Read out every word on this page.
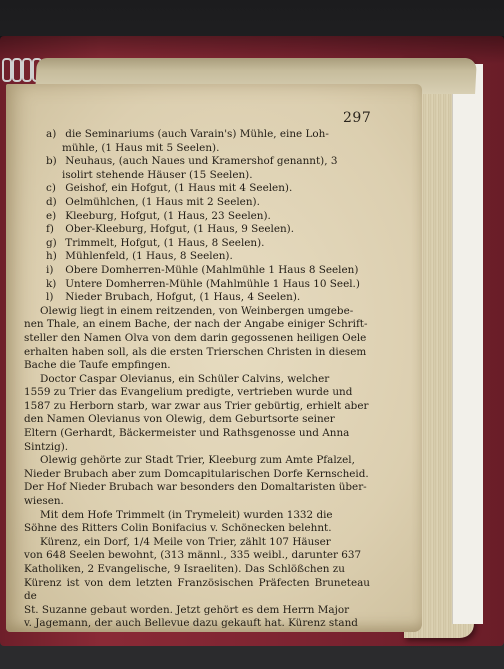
297
a) die Seminariums (auch Varain's) Mühle, eine Loh-
mühle, (1 Haus mit 5 Seelen).
b) Neuhaus, (auch Naues und Kramershof genannt), 3
isolirt stehende Häuser (15 Seelen).
c) Geishof, ein Hofgut, (1 Haus mit 4 Seelen).
d) Oelmühlchen, (1 Haus mit 2 Seelen).
e) Kleeburg, Hofgut, (1 Haus, 23 Seelen).
f) Ober-Kleeburg, Hofgut, (1 Haus, 9 Seelen).
g) Trimmelt, Hofgut, (1 Haus, 8 Seelen).
h) Mühlenfeld, (1 Haus, 8 Seelen).
i) Obere Domherren-Mühle (Mahlmühle 1 Haus 8 Seelen)
k) Untere Domherren-Mühle (Mahlmühle 1 Haus 10 Seel.)
l) Nieder Brubach, Hofgut, (1 Haus, 4 Seelen).
Olewig liegt in einem reitzenden, von Weinbergen umgebe-
nen Thale, an einem Bache, der nach der Angabe einiger Schrift-
steller den Namen Olva von dem darin gegossenen heiligen Oele
erhalten haben soll, als die ersten Trierschen Christen in diesem
Bache die Taufe empfingen.
Doctor Caspar Olevianus, ein Schüler Calvins, welcher
1559 zu Trier das Evangelium predigte, vertrieben wurde und
1587 zu Herborn starb, war zwar aus Trier gebürtig, erhielt aber
den Namen Olevianus von Olewig, dem Geburtsorte seiner
Eltern (Gerhardt, Bäckermeister und Rathsgenosse und Anna
Sintzig).
Olewig gehörte zur Stadt Trier, Kleeburg zum Amte Pfalzel,
Nieder Brubach aber zum Domcapitularischen Dorfe Kernscheid.
Der Hof Nieder Brubach war besonders den Domaltaristen über-
wiesen.
Mit dem Hofe Trimmelt (in Trymeleit) wurden 1332 die
Söhne des Ritters Colin Bonifacius v. Schönecken belehnt.
Kürenz, ein Dorf, 1/4 Meile von Trier, zählt 107 Häuser
von 648 Seelen bewohnt, (313 männl., 335 weibl., darunter 637
Katholiken, 2 Evangelische, 9 Israeliten). Das Schlößchen zu
Kürenz ist von dem letzten Französischen Präfecten Bruneteau de
St. Suzanne gebaut worden. Jetzt gehört es dem Herrn Major
v. Jagemann, der auch Bellevue dazu gekauft hat. Kürenz stand
